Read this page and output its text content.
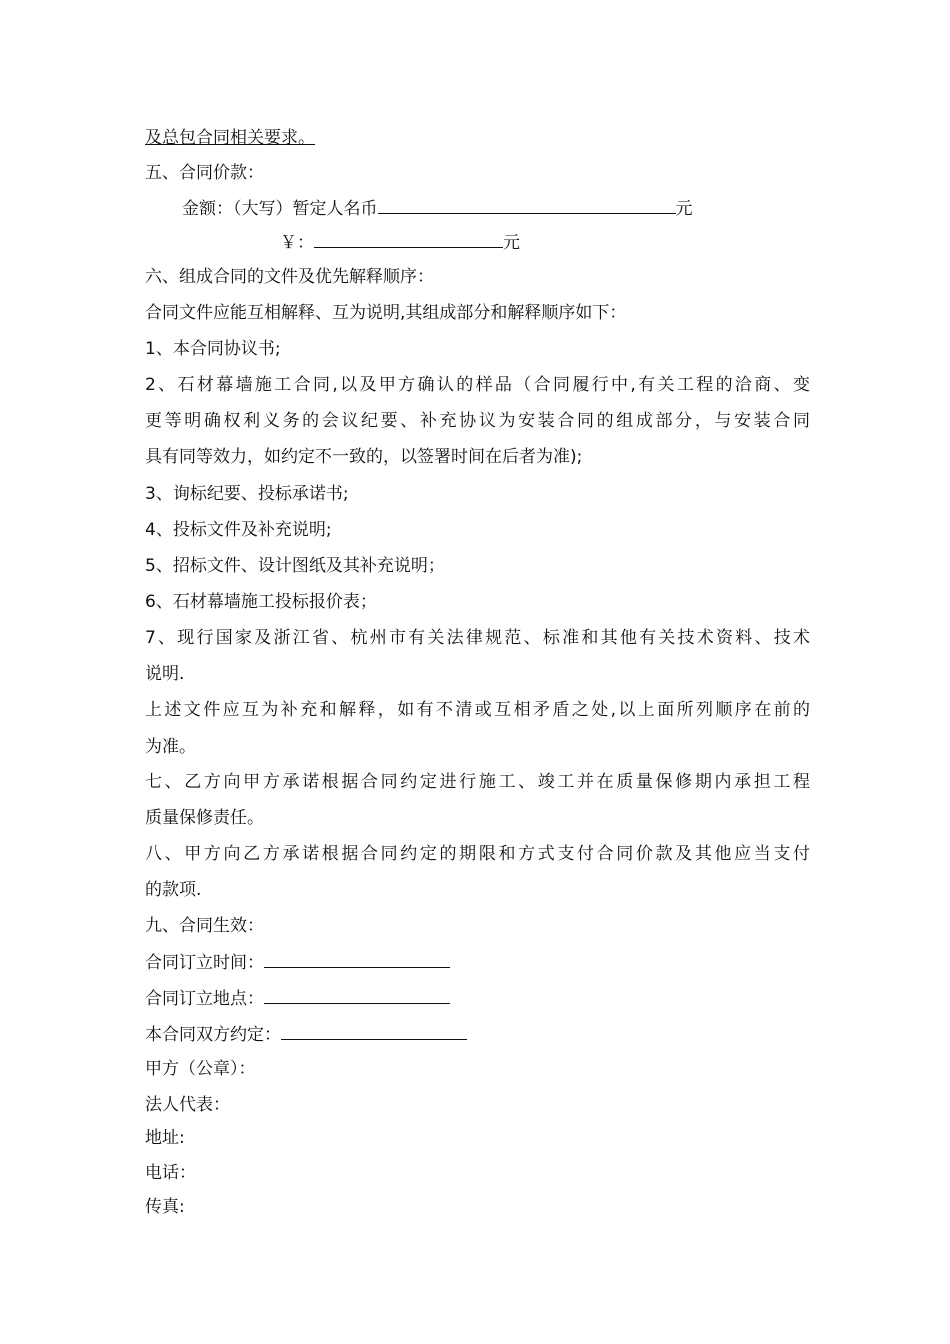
及总包合同相关要求。
五、合同价款：
金额：（大写）暂定人名币	元
￥：	元
六、组成合同的文件及优先解释顺序：
合同文件应能互相解释、互为说明,其组成部分和解释顺序如下：
1、本合同协议书;
2、石材幕墙施工合同,以及甲方确认的样品（合同履行中,有关工程的洽商、变
更等明确权利义务的会议纪要、补充协议为安装合同的组成部分，与安装合同
具有同等效力，如约定不一致的，以签署时间在后者为准);
3、询标纪要、投标承诺书;
4、投标文件及补充说明;
5、招标文件、设计图纸及其补充说明；
6、石材幕墙施工投标报价表；
7、现行国家及浙江省、杭州市有关法律规范、标准和其他有关技术资料、技术
说明.
上述文件应互为补充和解释，如有不清或互相矛盾之处,以上面所列顺序在前的
为准。
七、乙方向甲方承诺根据合同约定进行施工、竣工并在质量保修期内承担工程
质量保修责任。
八、甲方向乙方承诺根据合同约定的期限和方式支付合同价款及其他应当支付
的款项.
九、合同生效：
合同订立时间：
合同订立地点：
本合同双方约定：
甲方（公章）：
法人代表：
地址:
电话：
传真:
